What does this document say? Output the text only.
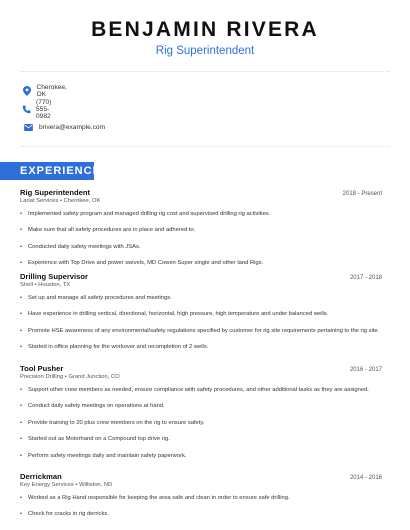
BENJAMIN RIVERA
Rig Superintendent
Cherokee, OK
(770) 555-0982
brivera@example.com
EXPERIENCE
Rig Superintendent	2018 - Present
Lariat Services • Cherokee, OK
• Implemented safety program and managed drilling rig cost and supervised drilling rig activities.
• Make sure that all safety procedures are in place and adhered to.
• Conducted daily safety meetings with JSAs.
• Experience with Top Drive and power swivels, MD Cowen Super single and other land Rigs.
Drilling Supervisor	2017 - 2018
Shell • Houston, TX
• Set up and manage all safety procedures and meetings.
• Have experience in drilling vertical, directional, horizontal, high pressure, high temperature and under balanced wells.
• Promote HSE awareness of any environmental/safety regulations specified by customer for rig site requirements pertaining to the rig site.
• Started in office planning for the workover and recompletion of 2 wells.
Tool Pusher	2016 - 2017
Precision Drilling • Grand Junction, CO
• Support other crew members as needed, ensure compliance with safety procedures, and other additional tasks as they are assigned.
• Conduct daily safety meetings on operations at hand.
• Provide training to 20 plus crew members on the rig to ensure safety.
• Started out as Motorhand on a Compound top drive rig.
• Perform safety meetings daily and maintain safety paperwork.
Derrickman	2014 - 2016
Key Energy Services • Williston, ND
• Worked as a Rig Hand responsible for keeping the area safe and clean in order to ensure safe drilling.
• Check for cracks in rig derricks.
